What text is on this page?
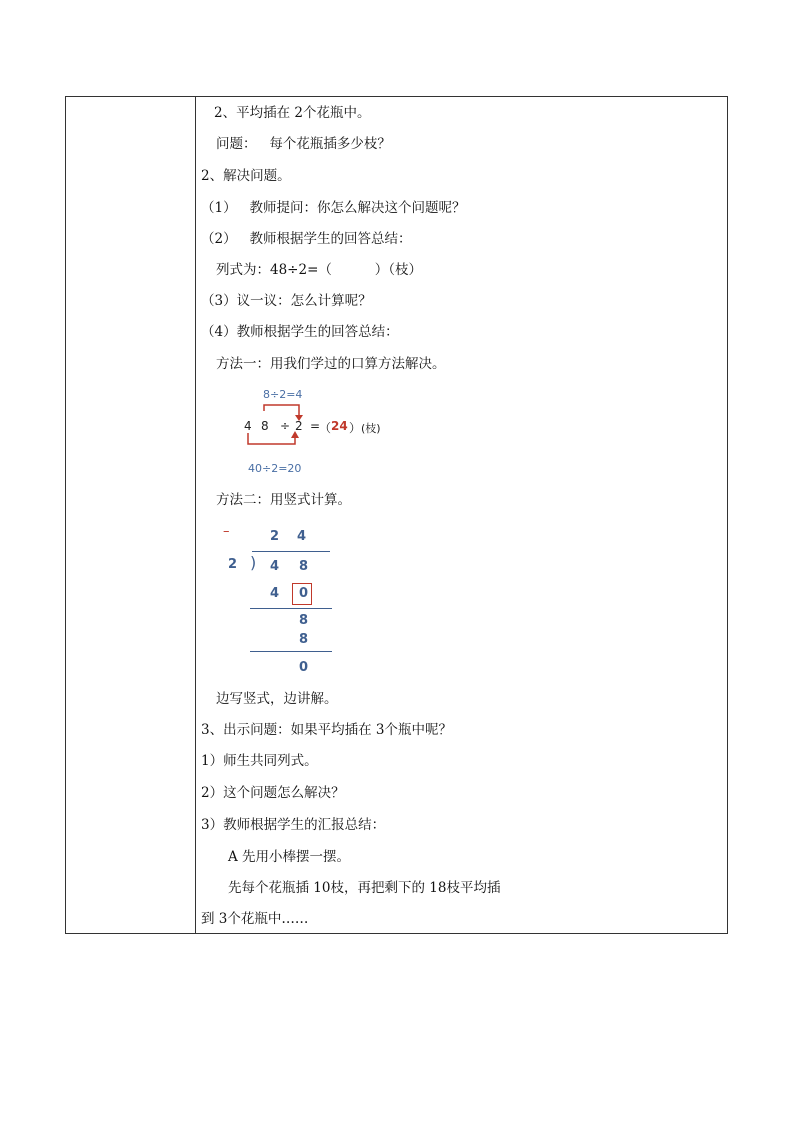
2、平均插在 2个花瓶中。
问题：   每个花瓶插多少枝？
2、解决问题。
（1）   教师提问：你怎么解决这个问题呢？
（2）   教师根据学生的回答总结：
列式为：48÷2=（          ）（枝）
（3）议一议：怎么计算呢？
（4）教师根据学生的回答总结：
方法一：用我们学过的口算方法解决。
8÷2=4
4 8 ÷ 2 =
（ 24 ） (枝)
40÷2=20
方法二：用竖式计算。
–	2 4
2 ) 4 8
4 0
8
8
0
边写竖式，边讲解。
3、出示问题：如果平均插在 3个瓶中呢？
1）师生共同列式。
2）这个问题怎么解决？
3）教师根据学生的汇报总结：
A 先用小棒摆一摆。
先每个花瓶插 10枝，再把剩下的 18枝平均插
到 3个花瓶中……
